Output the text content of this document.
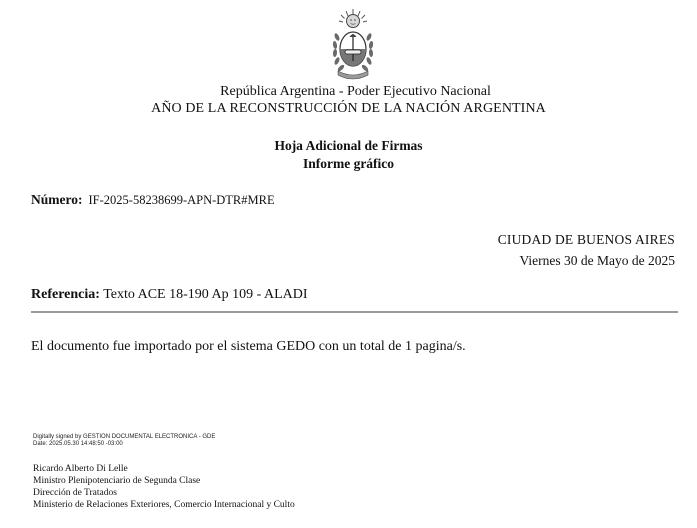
República Argentina - Poder Ejecutivo Nacional
AÑO DE LA RECONSTRUCCIÓN DE LA NACIÓN ARGENTINA
Hoja Adicional de Firmas
Informe gráfico
Número: IF-2025-58238699-APN-DTR#MRE
CIUDAD DE BUENOS AIRES
Viernes 30 de Mayo de 2025
Referencia: Texto ACE 18-190 Ap 109 - ALADI
El documento fue importado por el sistema GEDO con un total de 1 pagina/s.
Digitally signed by GESTION DOCUMENTAL ELECTRONICA - GDE
Date: 2025.05.30 14:48:50 -03:00
Ricardo Alberto Di Lelle
Ministro Plenipotenciario de Segunda Clase
Dirección de Tratados
Ministerio de Relaciones Exteriores, Comercio Internacional y Culto
